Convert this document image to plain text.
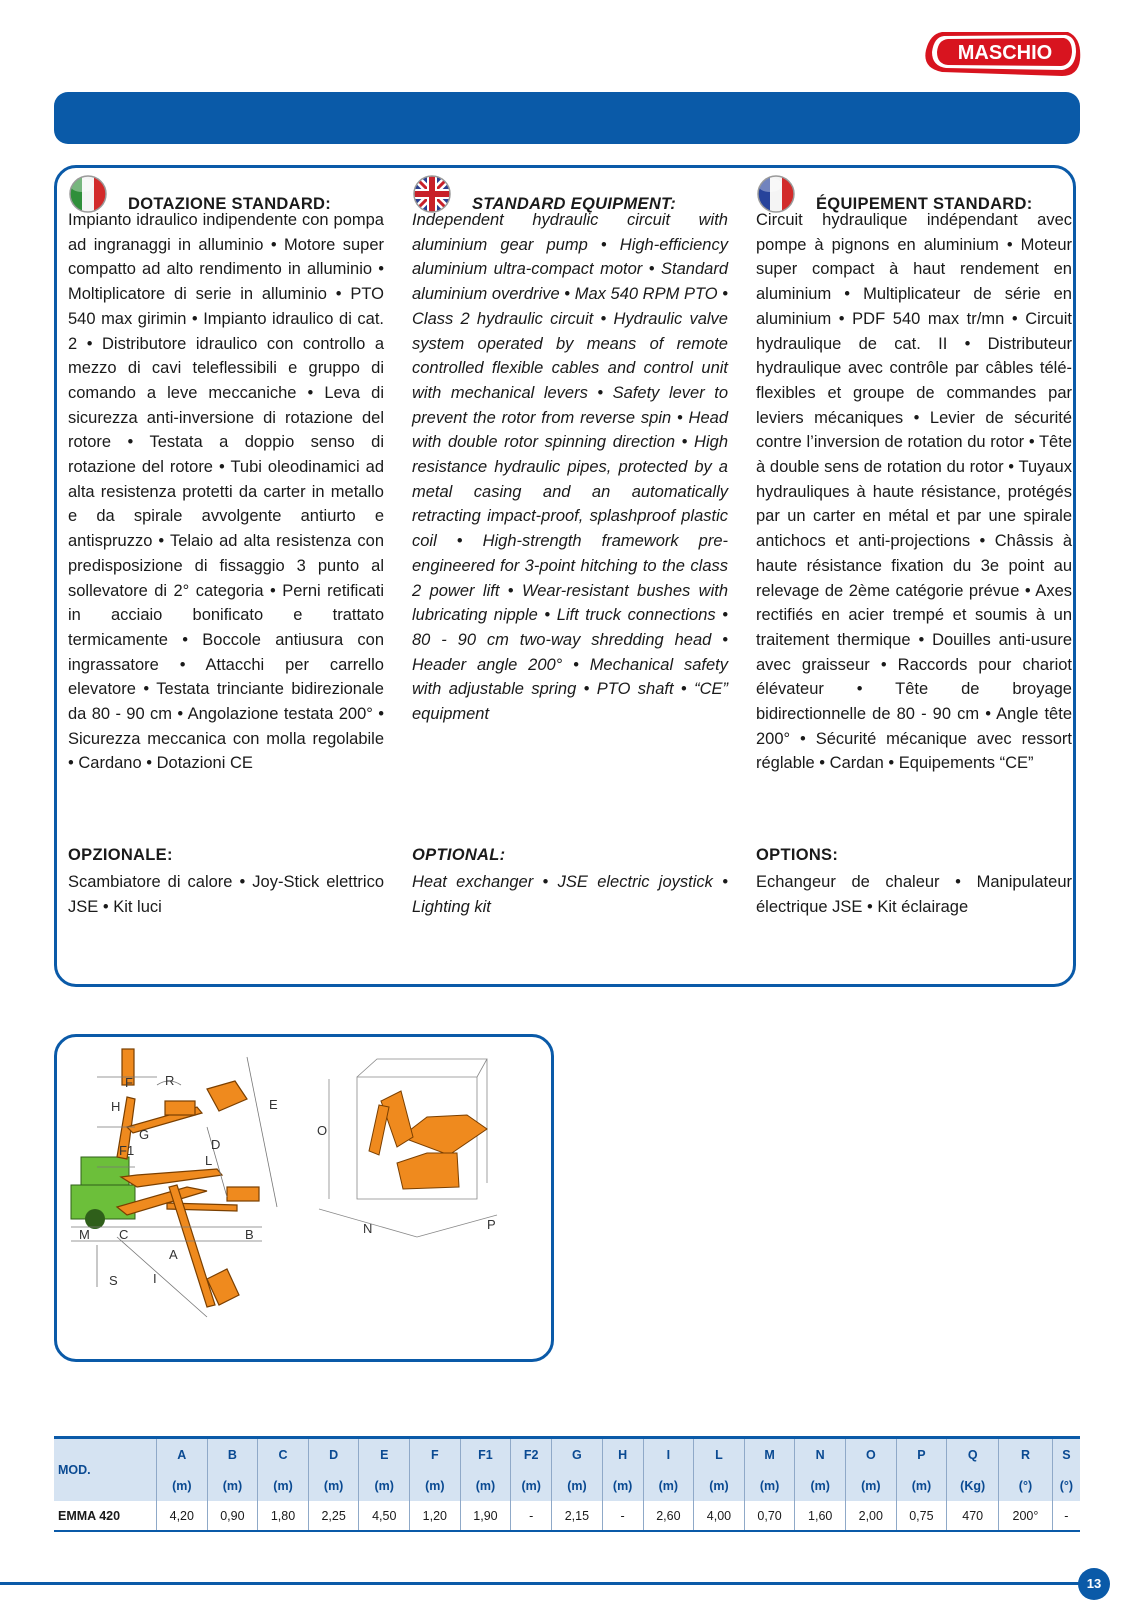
MASCHIO
DOTAZIONE STANDARD:

Impianto idraulico indipendente con pompa ad ingranaggi in alluminio • Motore super compatto ad alto rendimento in alluminio • Moltiplicatore di serie in alluminio • PTO 540 max girimin • Impianto idraulico di cat. 2 • Distributore idraulico con controllo a mezzo di cavi teleflessibili e gruppo di comando a leve meccaniche • Leva di sicurezza anti-inversione di rotazione del rotore • Testata a doppio senso di rotazione del rotore • Tubi oleodinamici ad alta resistenza protetti da carter in metallo e da spirale avvolgente antiurto e antispruzzo • Telaio ad alta resistenza con predisposizione di fissaggio 3 punto al sollevatore di 2° categoria • Perni retificati in acciaio bonificato e trattato termicamente • Boccole antiusura con ingrassatore • Attacchi per carrello elevatore • Testata trinciante bidirezionale da 80 - 90 cm • Angolazione testata 200° • Sicurezza meccanica con molla regolabile • Cardano • Dotazioni CE

OPZIONALE:

Scambiatore di calore • Joy-Stick elettrico JSE • Kit luci

STANDARD EQUIPMENT:

Independent hydraulic circuit with aluminium gear pump • High-efficiency aluminium ultra-compact motor • Standard aluminium overdrive • Max 540 RPM PTO • Class 2 hydraulic circuit • Hydraulic valve system operated by means of remote controlled flexible cables and control unit with mechanical levers • Safety lever to prevent the rotor from reverse spin • Head with double rotor spinning direction • High resistance hydraulic pipes, protected by a metal casing and an automatically retracting impact-proof, splashproof plastic coil • High-strength framework pre-engineered for 3-point hitching to the class 2 power lift • Wear-resistant bushes with lubricating nipple • Lift truck connections • 80 - 90 cm two-way shredding head • Header angle 200° • Mechanical safety with adjustable spring • PTO shaft • “CE” equipment

OPTIONAL:

Heat exchanger • JSE electric joystick • Lighting kit

ÉQUIPEMENT STANDARD:

Circuit hydraulique indépendant avec pompe à pignons en aluminium • Moteur super compact à haut rendement en aluminium • Multiplicateur de série en aluminium • PDF 540 max tr/mn • Circuit hydraulique de cat. II • Distributeur hydraulique avec contrôle par câbles télé-flexibles et groupe de commandes par leviers mécaniques • Levier de sécurité contre l’inversion de rotation du rotor • Tête à double sens de rotation du rotor • Tuyaux hydrauliques à haute résistance, protégés par un carter en métal et par une spirale antichocs et anti-projections • Châssis à haute résistance fixation du 3e point au relevage de 2ème catégorie prévue • Axes rectifiés en acier trempé et soumis à un traitement thermique • Douilles anti-usure avec graisseur • Raccords pour chariot élévateur • Tête de broyage bidirectionnelle de 80 - 90 cm • Angle tête 200° • Sécurité mécanique avec ressort réglable • Cardan • Equipements “CE”

OPTIONS:

Echangeur de chaleur • Manipulateur électrique JSE • Kit éclairage

F R
H
G
F1	D
L
E
M C	B
A
I
S
O
N	P
MOD.	A	B	C	D	E	F	F1	F2	G	H	I	L	M	N	O	P	Q	R	S
	(m)	(m)	(m)	(m)	(m)	(m)	(m)	(m)	(m)	(m)	(m)	(m)	(m)	(m)	(m)	(m)	(Kg)	(°)	(°)
EMMA 420	4,20	0,90	1,80	2,25	4,50	1,20	1,90	-	2,15	-	2,60	4,00	0,70	1,60	2,00	0,75	470	200°	-
13
